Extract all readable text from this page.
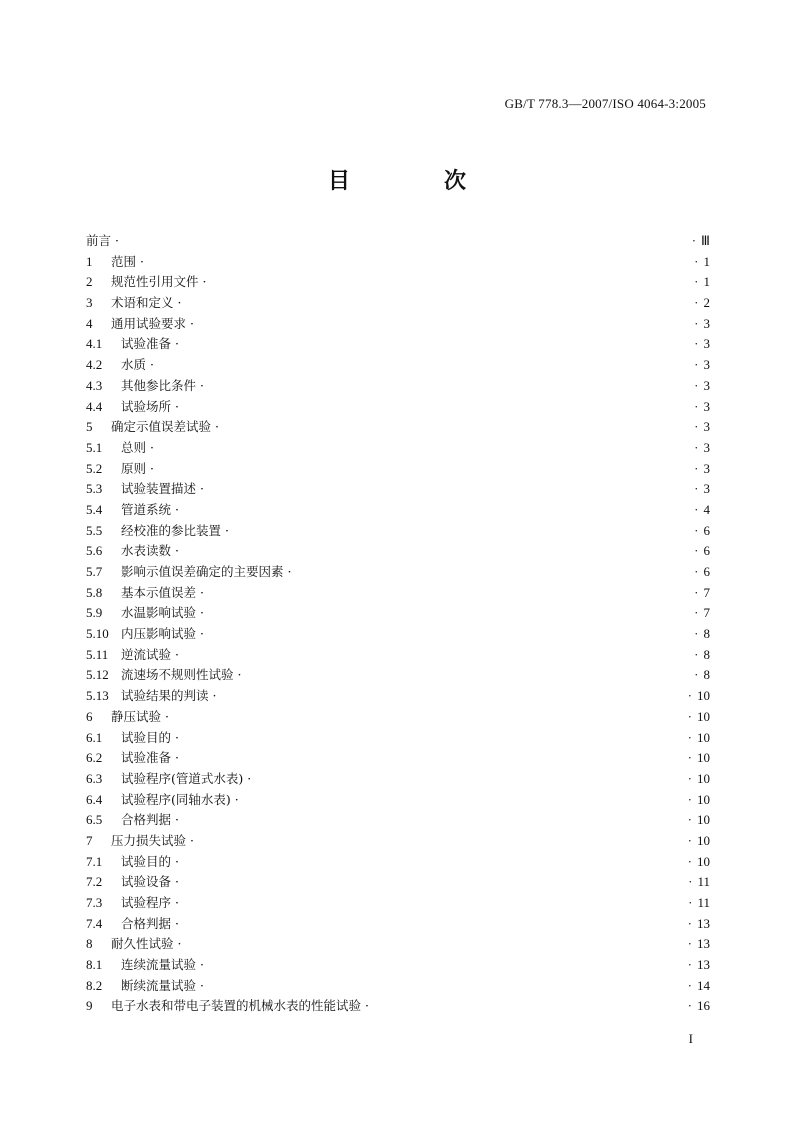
GB/T 778.3—2007/ISO 4064-3:2005
目　次
前言 ·	· Ⅲ
1	范围 ·	· 1
2	规范性引用文件 ·	· 1
3	术语和定义 ·	· 2
4	通用试验要求 ·	· 3
4.1	试验准备 ·	· 3
4.2	水质 ·	· 3
4.3	其他参比条件 ·	· 3
4.4	试验场所 ·	· 3
5	确定示值误差试验 ·	· 3
5.1	总则 ·	· 3
5.2	原则 ·	· 3
5.3	试验装置描述 ·	· 3
5.4	管道系统 ·	· 4
5.5	经校准的参比装置 ·	· 6
5.6	水表读数 ·	· 6
5.7	影响示值误差确定的主要因素 ·	· 6
5.8	基本示值误差 ·	· 7
5.9	水温影响试验 ·	· 7
5.10 内压影响试验 ·	· 8
5.11	逆流试验 ·	· 8
5.12 流速场不规则性试验 ·	· 8
5.13 试验结果的判读 ·	· 10
6	静压试验 ·	· 10
6.1	试验目的 ·	· 10
6.2	试验准备 ·	· 10
6.3	试验程序(管道式水表) ·	· 10
6.4	试验程序(同轴水表) ·	· 10
6.5	合格判据 ·	· 10
7	压力损失试验 ·	· 10
7.1	试验目的 ·	· 10
7.2	试验设备 ·	· 11
7.3	试验程序 ·	· 11
7.4	合格判据 ·	· 13
8	耐久性试验 ·	· 13
8.1	连续流量试验 ·	· 13
8.2	断续流量试验 ·	· 14
9	电子水表和带电子装置的机械水表的性能试验 ·	· 16
I
